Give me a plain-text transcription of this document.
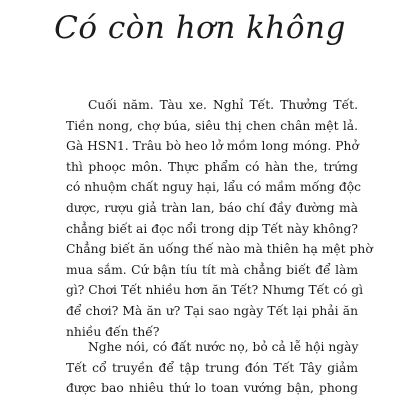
Có còn hơn không
Cuối năm. Tàu xe. Nghỉ Tết. Thưởng Tết.
Tiền nong, chợ búa, siêu thị chen chân mệt lả.
Gà HSN1. Trâu bò heo lở mồm long móng. Phở
thì phoọc môn. Thực phẩm có hàn the, trứng
có nhuộm chất nguy hại, lẩu có mầm mống độc
dược, rượu giả tràn lan, báo chí đầy đường mà
chẳng biết ai đọc nổi trong dịp Tết này không?
Chẳng biết ăn uống thế nào mà thiên hạ mệt phờ
mua sắm. Cứ bận tíu tít mà chẳng biết để làm
gì? Chơi Tết nhiều hơn ăn Tết? Nhưng Tết có gì
để chơi? Mà ăn ư? Tại sao ngày Tết lại phải ăn
nhiều đến thế?
Nghe nói, có đất nước nọ, bỏ cả lễ hội ngày
Tết cổ truyền để tập trung đón Tết Tây giảm
được bao nhiêu thứ lo toan vướng bận, phong
